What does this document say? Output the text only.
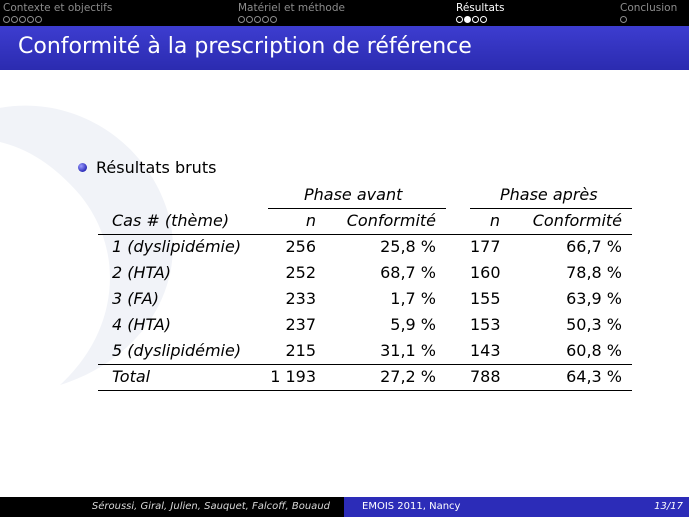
Contexte et objectifs	Matériel et méthode	Résultats	Conclusion
Conformité à la prescription de référence
Résultats bruts
Phase avant	Phase après
Cas # (thème)	n Conformité	n Conformité
1 (dyslipidémie)	256	25,8 % 177	66,7 %
2 (HTA)	252	68,7 % 160	78,8 %
3 (FA)	233	1,7 % 155	63,9 %
4 (HTA)	237	5,9 % 153	50,3 %
5 (dyslipidémie)	215	31,1 % 143	60,8 %
Total	1 193	27,2 % 788	64,3 %
Séroussi, Giral, Julien, Sauquet, Falcoff, Bouaud	EMOIS 2011, Nancy	13/17
